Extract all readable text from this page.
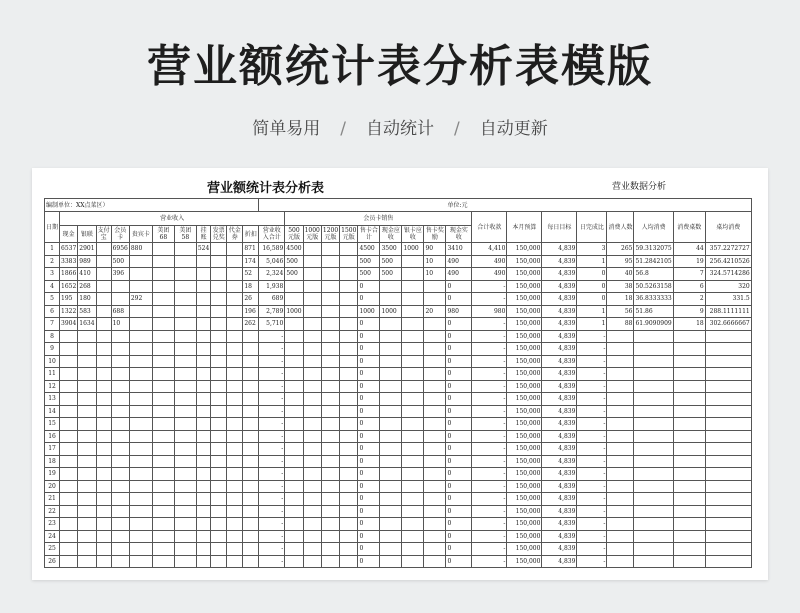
营业额统计表分析表模版
简单易用 / 自动统计 / 自动更新
营业额统计表分析表	营业数据分析
编制单位：XX点菜区）																					单位:元								
日期	营业收入												会员卡销售									合计收款	本月预算	每日目标	日完成比	消费人数	人均消费	消费桌数	桌均消费
	现金	银联	支付宝	会员卡	贵宾卡	美团68	美团58	挂账	发票兑奖	代金券	折扣	营业收入合计	500元版	1000元版	1200元版	1500元版	售卡合计	现金应收	银卡应收	售卡奖励	现金实收								
1	6537	2901		6956	880			524			871	16,589	4500				4500	3500	1000	90	3410	4,410	150,000	4,839	3	265	59.3132075	44	357.2272727
2	3383	989		500							174	5,046	500				500	500		10	490	490	150,000	4,839	1	95	51.2842105	19	256.4210526
3	1866	410		396							52	2,324	500				500	500		10	490	490	150,000	4,839	0	40	56.8	7	324.5714286
4	1652	268									18	1,938					0				0	-	150,000	4,839	0	38	50.5263158	6	320
5	195	180			292						26	689					0				0	-	150,000	4,839	0	18	36.8333333	2	331.5
6	1322	583		688							196	2,789	1000				1000	1000		20	980	980	150,000	4,839	1	56	51.86	9	288.1111111
7	3904	1634		10							262	5,710					0				0	-	150,000	4,839	1	88	61.9090909	18	302.6666667
8												-					0				0	-	150,000	4,839	-				
9												-					0				0	-	150,000	4,839	-				
10												-					0				0	-	150,000	4,839	-				
11												-					0				0	-	150,000	4,839	-				
12												-					0				0	-	150,000	4,839	-				
13												-					0				0	-	150,000	4,839	-				
14												-					0				0	-	150,000	4,839	-				
15												-					0				0	-	150,000	4,839	-				
16												-					0				0	-	150,000	4,839	-				
17												-					0				0	-	150,000	4,839	-				
18												-					0				0	-	150,000	4,839	-				
19												-					0				0	-	150,000	4,839	-				
20												-					0				0	-	150,000	4,839	-				
21												-					0				0	-	150,000	4,839	-				
22												-					0				0	-	150,000	4,839	-				
23												-					0				0	-	150,000	4,839	-				
24												-					0				0	-	150,000	4,839	-				
25												-					0				0	-	150,000	4,839	-				
26												-					0				0	-	150,000	4,839	-				
